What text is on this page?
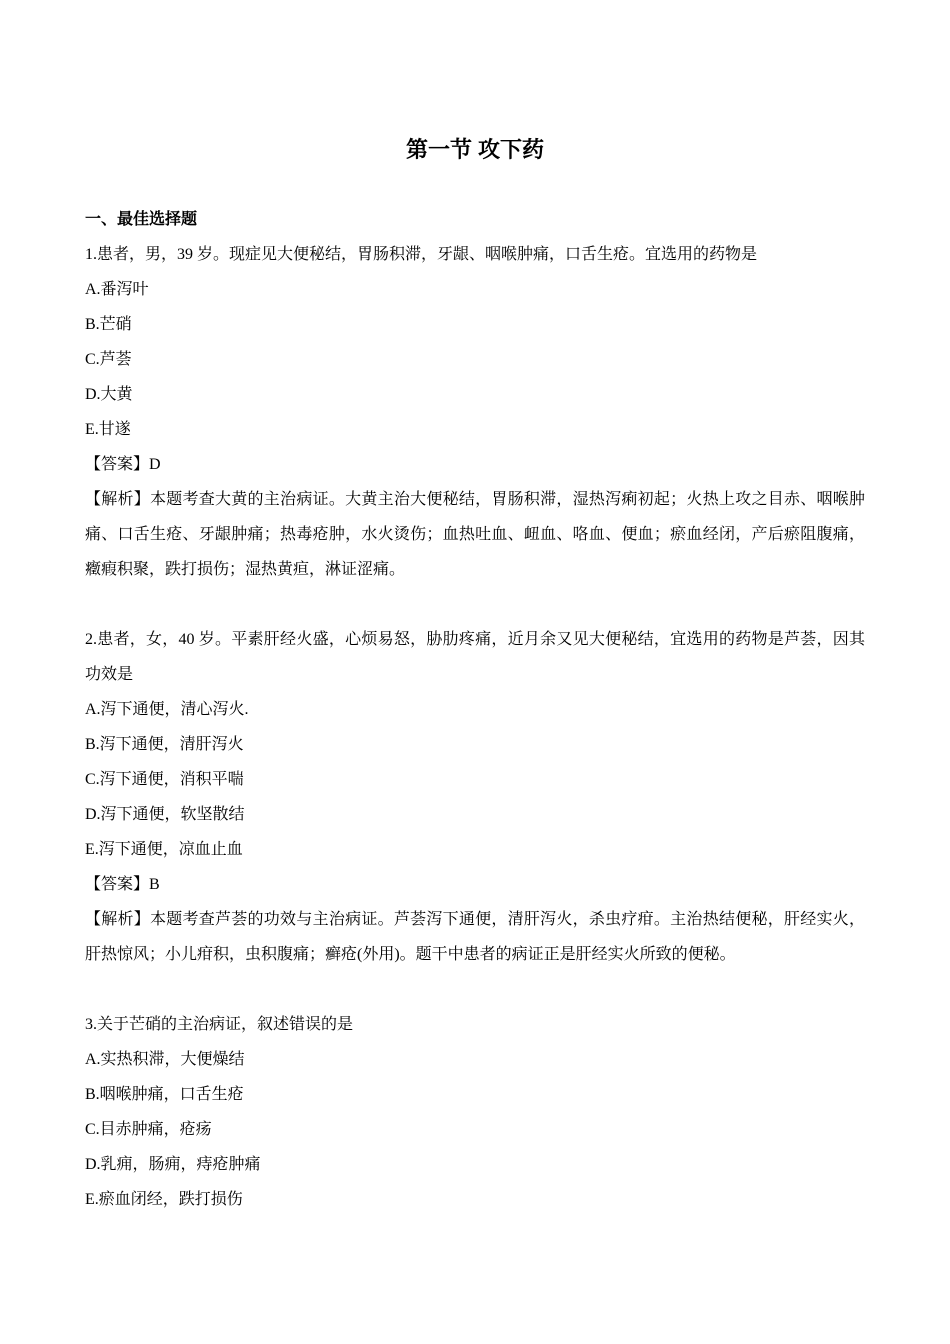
第一节 攻下药
一、最佳选择题
1.患者，男，39 岁。现症见大便秘结，胃肠积滞，牙龈、咽喉肿痛，口舌生疮。宜选用的药物是
A.番泻叶
B.芒硝
C.芦荟
D.大黄
E.甘遂
【答案】D
【解析】本题考查大黄的主治病证。大黄主治大便秘结，胃肠积滞，湿热泻痢初起；火热上攻之目赤、咽喉肿痛、口舌生疮、牙龈肿痛；热毒疮肿，水火烫伤；血热吐血、衄血、咯血、便血；瘀血经闭，产后瘀阻腹痛，癥瘕积聚，跌打损伤；湿热黄疸，淋证涩痛。
2.患者，女，40 岁。平素肝经火盛，心烦易怒，胁肋疼痛，近月余又见大便秘结，宜选用的药物是芦荟，因其功效是
A.泻下通便，清心泻火.
B.泻下通便，清肝泻火
C.泻下通便，消积平喘
D.泻下通便，软坚散结
E.泻下通便，凉血止血
【答案】B
【解析】本题考查芦荟的功效与主治病证。芦荟泻下通便，清肝泻火，杀虫疗疳。主治热结便秘，肝经实火，肝热惊风；小儿疳积，虫积腹痛；癣疮(外用)。题干中患者的病证正是肝经实火所致的便秘。
3.关于芒硝的主治病证，叙述错误的是
A.实热积滞，大便燥结
B.咽喉肿痛，口舌生疮
C.目赤肿痛，疮疡
D.乳痈，肠痈，痔疮肿痛
E.瘀血闭经，跌打损伤
